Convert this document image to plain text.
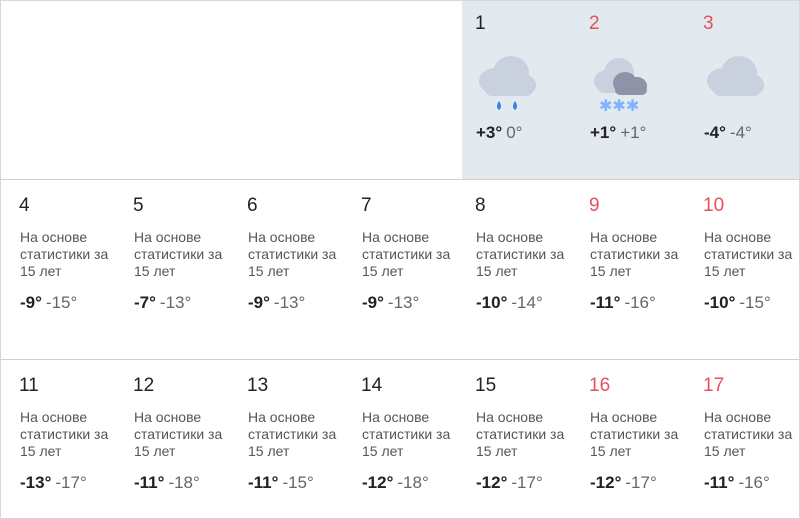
1
+3° 0°
2
✱✱✱
+1° +1°
3
-4° -4°
4
На основе статистики за 15 лет
-9° -15°
5
На основе статистики за 15 лет
-7° -13°
6
На основе статистики за 15 лет
-9° -13°
7
На основе статистики за 15 лет
-9° -13°
8
На основе статистики за 15 лет
-10° -14°
9
На основе статистики за 15 лет
-11° -16°
10
На основе статистики за 15 лет
-10° -15°
11
На основе статистики за 15 лет
-13° -17°
12
На основе статистики за 15 лет
-11° -18°
13
На основе статистики за 15 лет
-11° -15°
14
На основе статистики за 15 лет
-12° -18°
15
На основе статистики за 15 лет
-12° -17°
16
На основе статистики за 15 лет
-12° -17°
17
На основе статистики за 15 лет
-11° -16°
